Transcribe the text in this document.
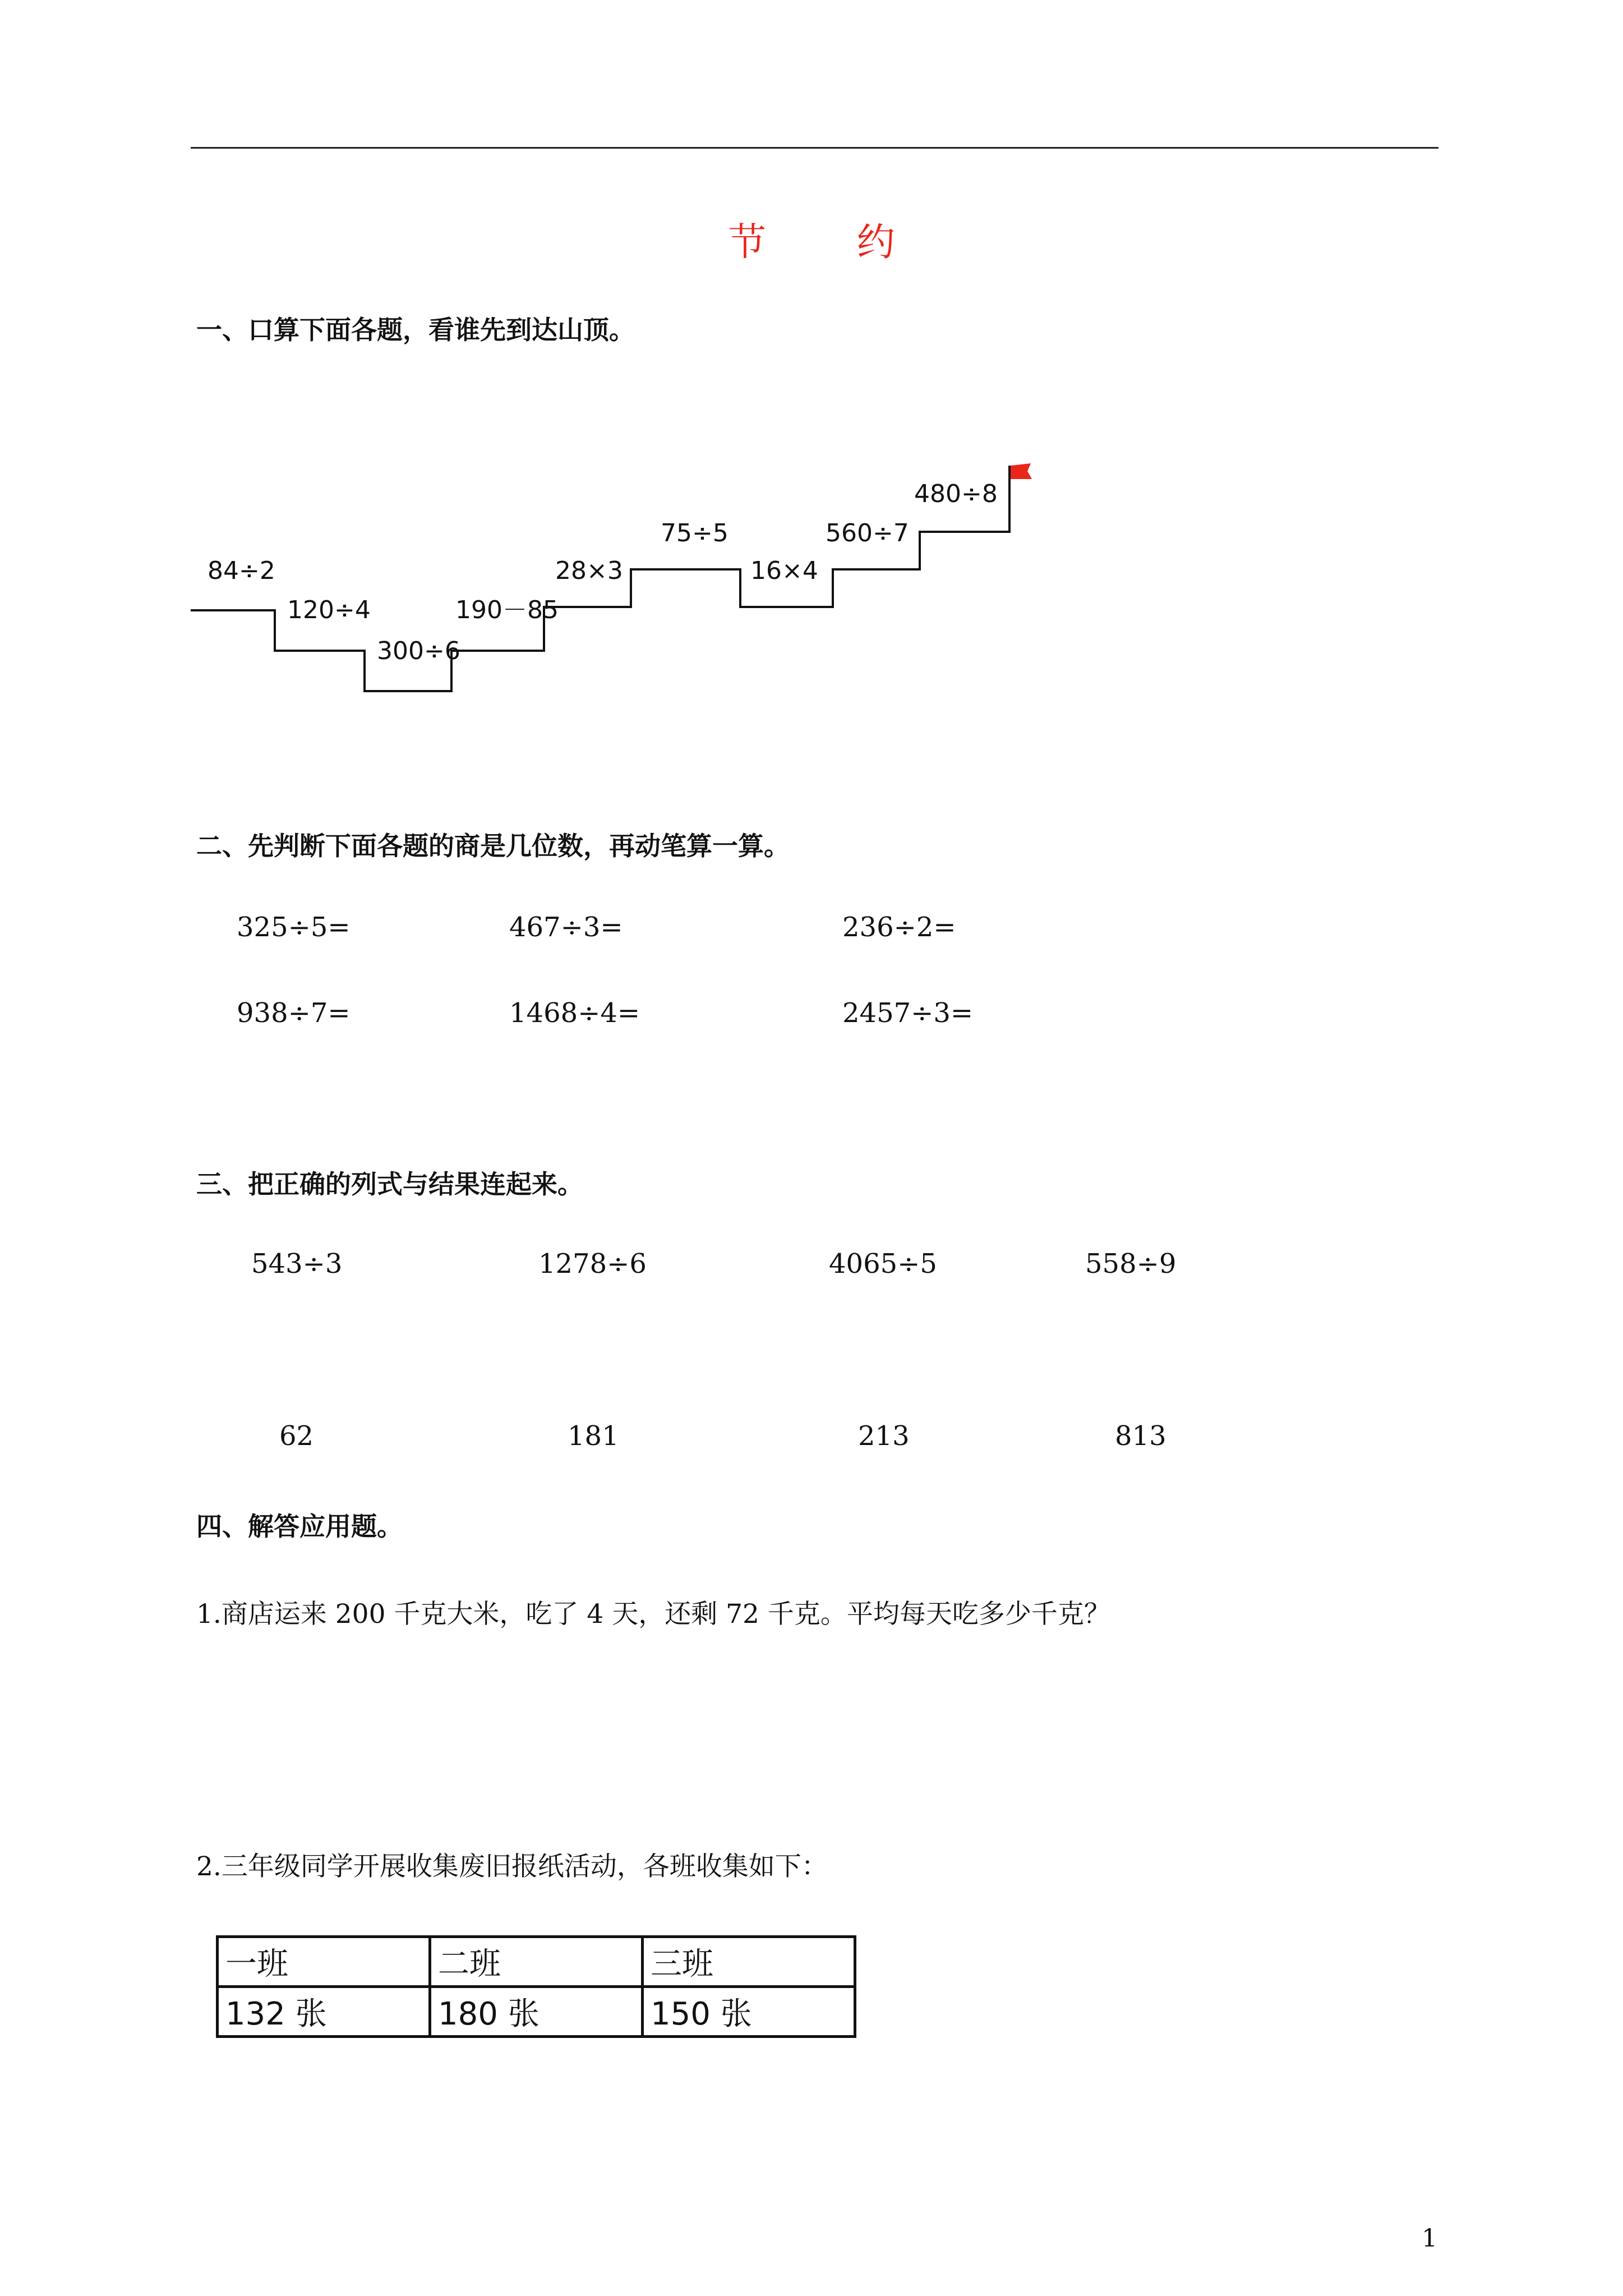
节 约
一、口算下面各题，看谁先到达山顶。
84÷2
120÷4
300÷6
190－85
28×3
75÷5
16×4
560÷7
480÷8
二、先判断下面各题的商是几位数，再动笔算一算。
325÷5=	467÷3=	236÷2=
938÷7=	1468÷4=	2457÷3=
三、把正确的列式与结果连起来。
543÷3	1278÷6	4065÷5	558÷9
62	181	213	813
四、解答应用题。
1.商店运来 200 千克大米，吃了 4 天，还剩 72 千克。平均每天吃多少千克？
2.三年级同学开展收集废旧报纸活动，各班收集如下：
一班	二班	三班
132 张	180 张	150 张
1
